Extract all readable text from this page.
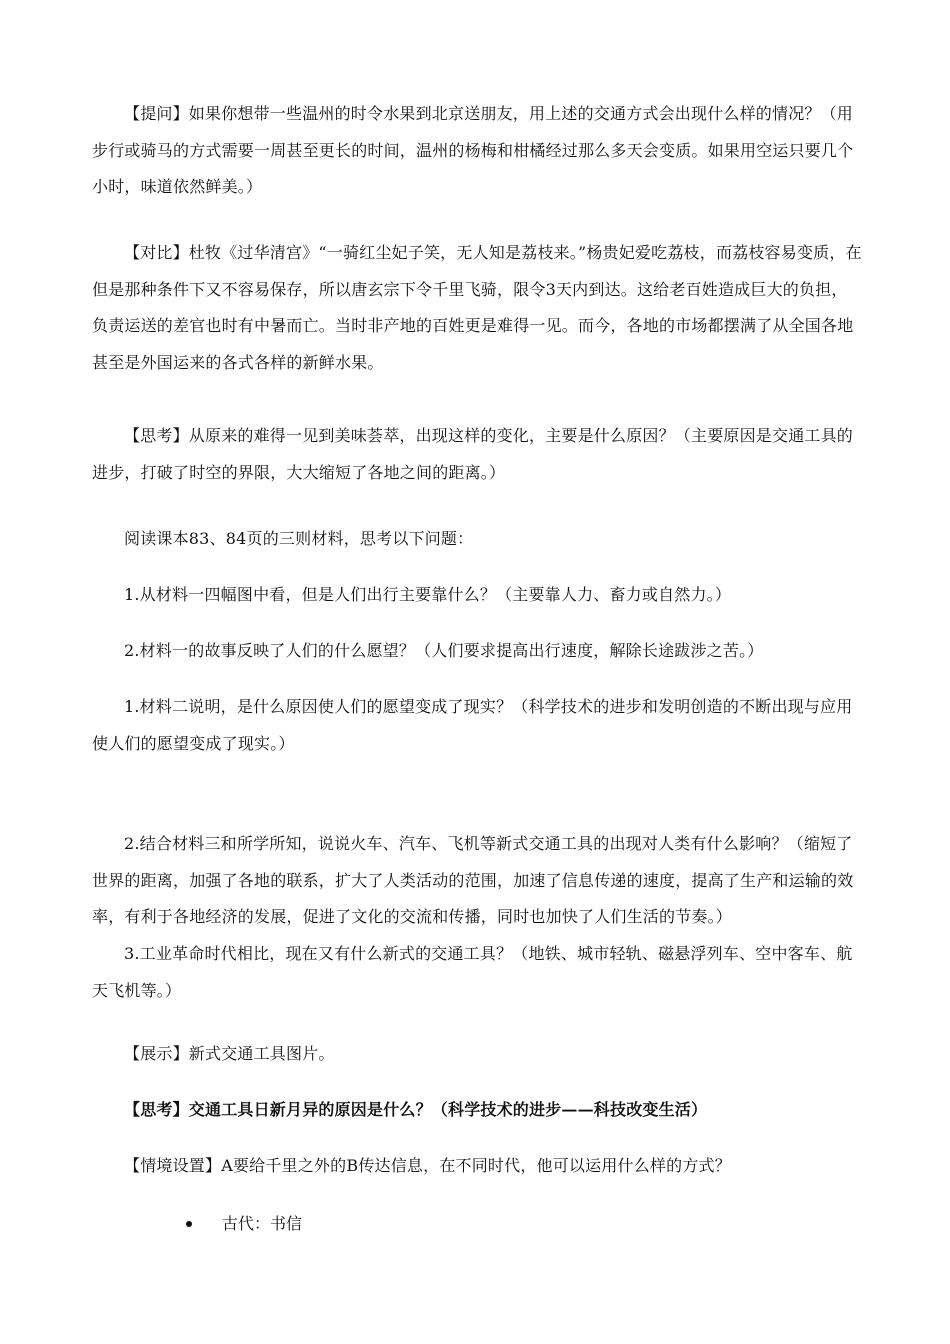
【提问】如果你想带一些温州的时令水果到北京送朋友，用上述的交通方式会出现什么样的情况？（用步行或骑马的方式需要一周甚至更长的时间，温州的杨梅和柑橘经过那么多天会变质。如果用空运只要几个小时，味道依然鲜美。）

【对比】杜牧《过华清宫》“一骑红尘妃子笑，无人知是荔枝来。”杨贵妃爱吃荔枝，而荔枝容易变质，在但是那种条件下又不容易保存，所以唐玄宗下令千里飞骑，限令3天内到达。这给老百姓造成巨大的负担，负责运送的差官也时有中暑而亡。当时非产地的百姓更是难得一见。而今，各地的市场都摆满了从全国各地甚至是外国运来的各式各样的新鲜水果。

【思考】从原来的难得一见到美味荟萃，出现这样的变化，主要是什么原因？（主要原因是交通工具的进步，打破了时空的界限，大大缩短了各地之间的距离。）

阅读课本83、84页的三则材料，思考以下问题：

1.从材料一四幅图中看，但是人们出行主要靠什么？（主要靠人力、畜力或自然力。）

2.材料一的故事反映了人们的什么愿望？（人们要求提高出行速度，解除长途跋涉之苦。）

1.材料二说明，是什么原因使人们的愿望变成了现实？（科学技术的进步和发明创造的不断出现与应用使人们的愿望变成了现实。）

2.结合材料三和所学所知，说说火车、汽车、飞机等新式交通工具的出现对人类有什么影响？（缩短了世界的距离，加强了各地的联系，扩大了人类活动的范围，加速了信息传递的速度，提高了生产和运输的效率，有利于各地经济的发展，促进了文化的交流和传播，同时也加快了人们生活的节奏。）

3.工业革命时代相比，现在又有什么新式的交通工具？（地铁、城市轻轨、磁悬浮列车、空中客车、航天飞机等。）

【展示】新式交通工具图片。

【思考】交通工具日新月异的原因是什么？（科学技术的进步——科技改变生活）

【情境设置】A要给千里之外的B传达信息，在不同时代，他可以运用什么样的方式？

古代：书信
